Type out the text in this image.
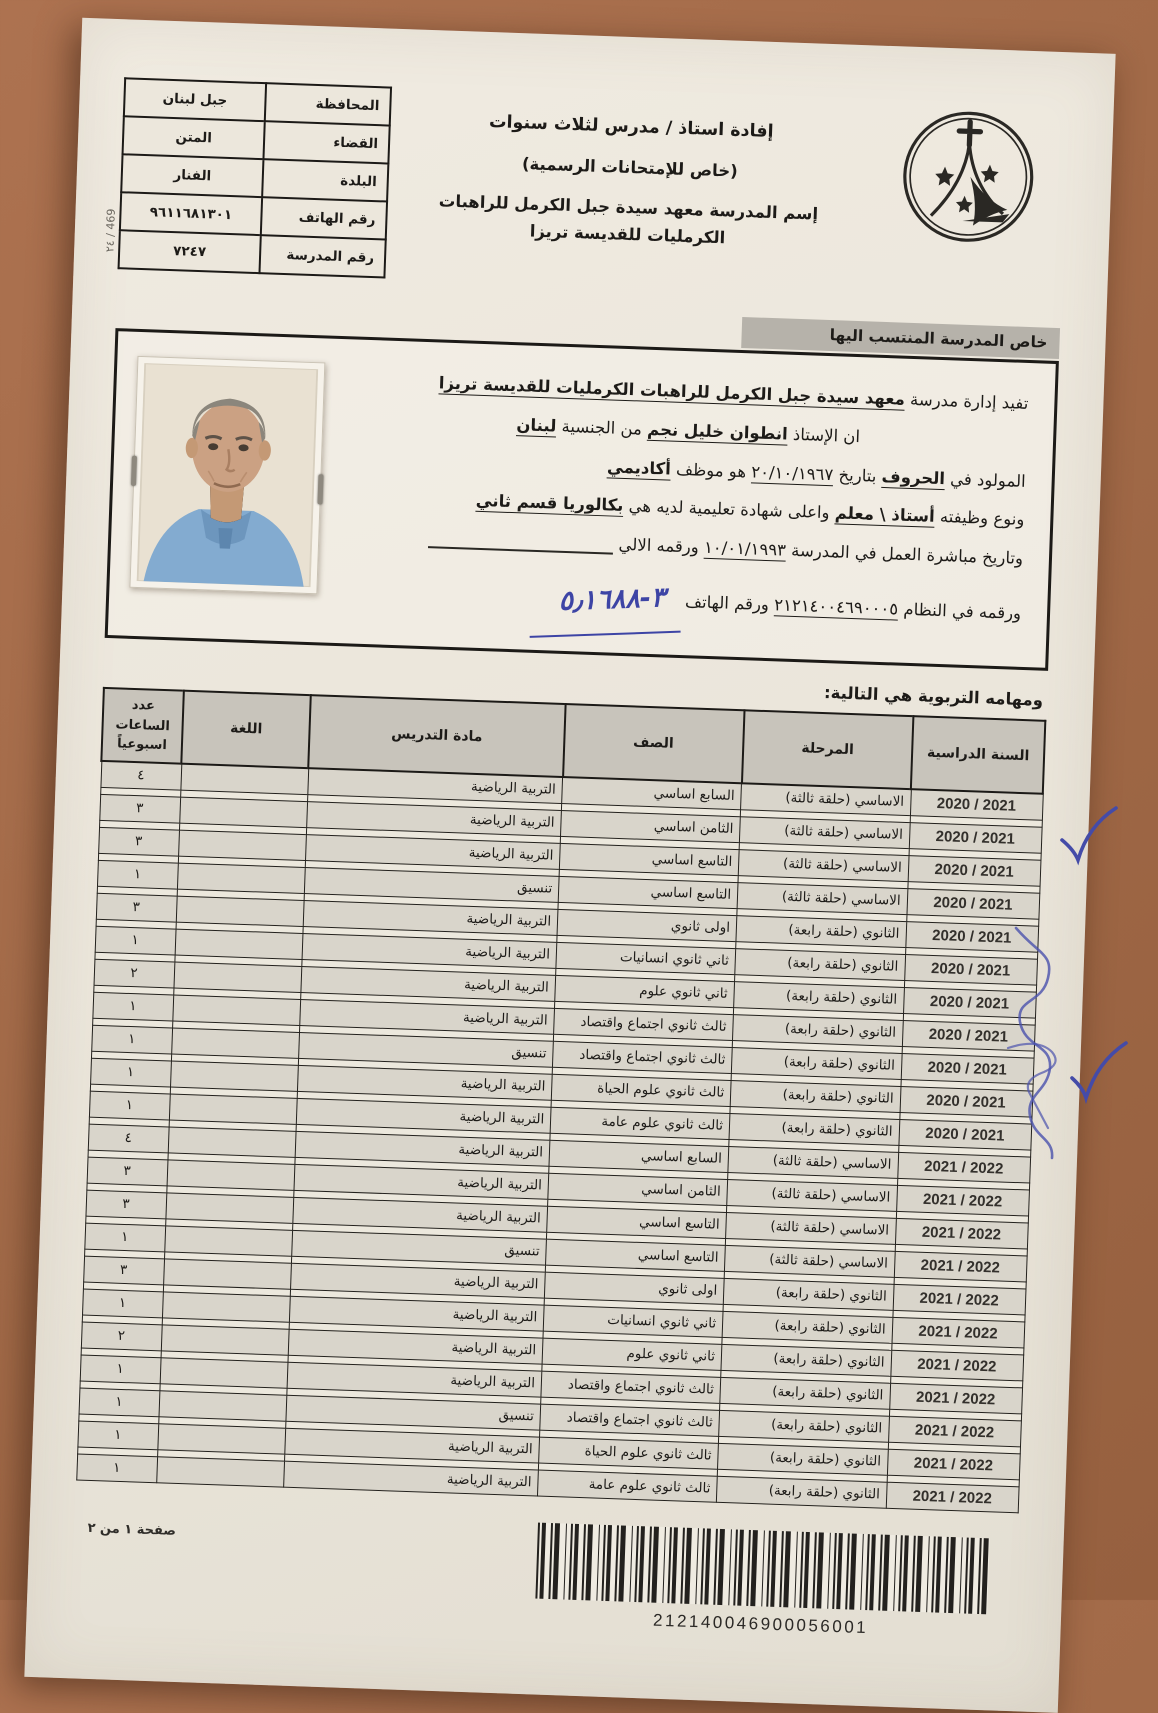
469 / ٢٤
إفادة استاذ / مدرس لثلاث سنوات
(خاص للإمتحانات الرسمية)
إسم المدرسة معهد سيدة جبل الكرمل للراهبات الكرمليات للقديسة تريزا
المحافظة	جبل لبنان
القضاء	المتن
البلدة	الفنار
رقم الهاتف	٩٦١١٦٨١٣٠١
رقم المدرسة	٧٢٤٧
خاص المدرسة المنتسب اليها
تفيد إدارة مدرسة معهد سيدة جبل الكرمل للراهبات الكرمليات للقديسة تريزا
ان الإستاذ انطوان خليل نجم من الجنسية لبنان
المولود في الحروف بتاريخ ٢٠/١٠/١٩٦٧ هو موظف أكاديمي
ونوع وظيفته أستاذ \ معلم واعلى شهادة تعليمية لديه هي بكالوريا قسم ثاني
وتاريخ مباشرة العمل في المدرسة ١٠/٠١/١٩٩٣ ورقمه الالي
ورقمه في النظام ٢١٢١٤٠٠٤٦٩٠٠٠٥ ورقم الهاتف ٣-٥٫١٦٨٨
ومهامه التربوية هي التالية:
السنة الدراسية	المرحلة	الصف	مادة التدريس	اللغة	عدد الساعات اسبوعياً
2020 / 2021	الاساسي (حلقة ثالثة)	السابع اساسي	التربية الرياضية		٤

2020 / 2021	الاساسي (حلقة ثالثة)	الثامن اساسي	التربية الرياضية		٣

2020 / 2021	الاساسي (حلقة ثالثة)	التاسع اساسي	التربية الرياضية		٣

2020 / 2021	الاساسي (حلقة ثالثة)	التاسع اساسي	تنسيق		١

2020 / 2021	الثانوي (حلقة رابعة)	اولى ثانوي	التربية الرياضية		٣

2020 / 2021	الثانوي (حلقة رابعة)	ثاني ثانوي انسانيات	التربية الرياضية		١

2020 / 2021	الثانوي (حلقة رابعة)	ثاني ثانوي علوم	التربية الرياضية		٢

2020 / 2021	الثانوي (حلقة رابعة)	ثالث ثانوي اجتماع واقتصاد	التربية الرياضية		١

2020 / 2021	الثانوي (حلقة رابعة)	ثالث ثانوي اجتماع واقتصاد	تنسيق		١

2020 / 2021	الثانوي (حلقة رابعة)	ثالث ثانوي علوم الحياة	التربية الرياضية		١

2020 / 2021	الثانوي (حلقة رابعة)	ثالث ثانوي علوم عامة	التربية الرياضية		١

2021 / 2022	الاساسي (حلقة ثالثة)	السابع اساسي	التربية الرياضية		٤

2021 / 2022	الاساسي (حلقة ثالثة)	الثامن اساسي	التربية الرياضية		٣

2021 / 2022	الاساسي (حلقة ثالثة)	التاسع اساسي	التربية الرياضية		٣

2021 / 2022	الاساسي (حلقة ثالثة)	التاسع اساسي	تنسيق		١

2021 / 2022	الثانوي (حلقة رابعة)	اولى ثانوي	التربية الرياضية		٣

2021 / 2022	الثانوي (حلقة رابعة)	ثاني ثانوي انسانيات	التربية الرياضية		١

2021 / 2022	الثانوي (حلقة رابعة)	ثاني ثانوي علوم	التربية الرياضية		٢

2021 / 2022	الثانوي (حلقة رابعة)	ثالث ثانوي اجتماع واقتصاد	التربية الرياضية		١

2021 / 2022	الثانوي (حلقة رابعة)	ثالث ثانوي اجتماع واقتصاد	تنسيق		١

2021 / 2022	الثانوي (حلقة رابعة)	ثالث ثانوي علوم الحياة	التربية الرياضية		١

2021 / 2022	الثانوي (حلقة رابعة)	ثالث ثانوي علوم عامة	التربية الرياضية		١
212140046900056001
صفحة ١ من ٢
